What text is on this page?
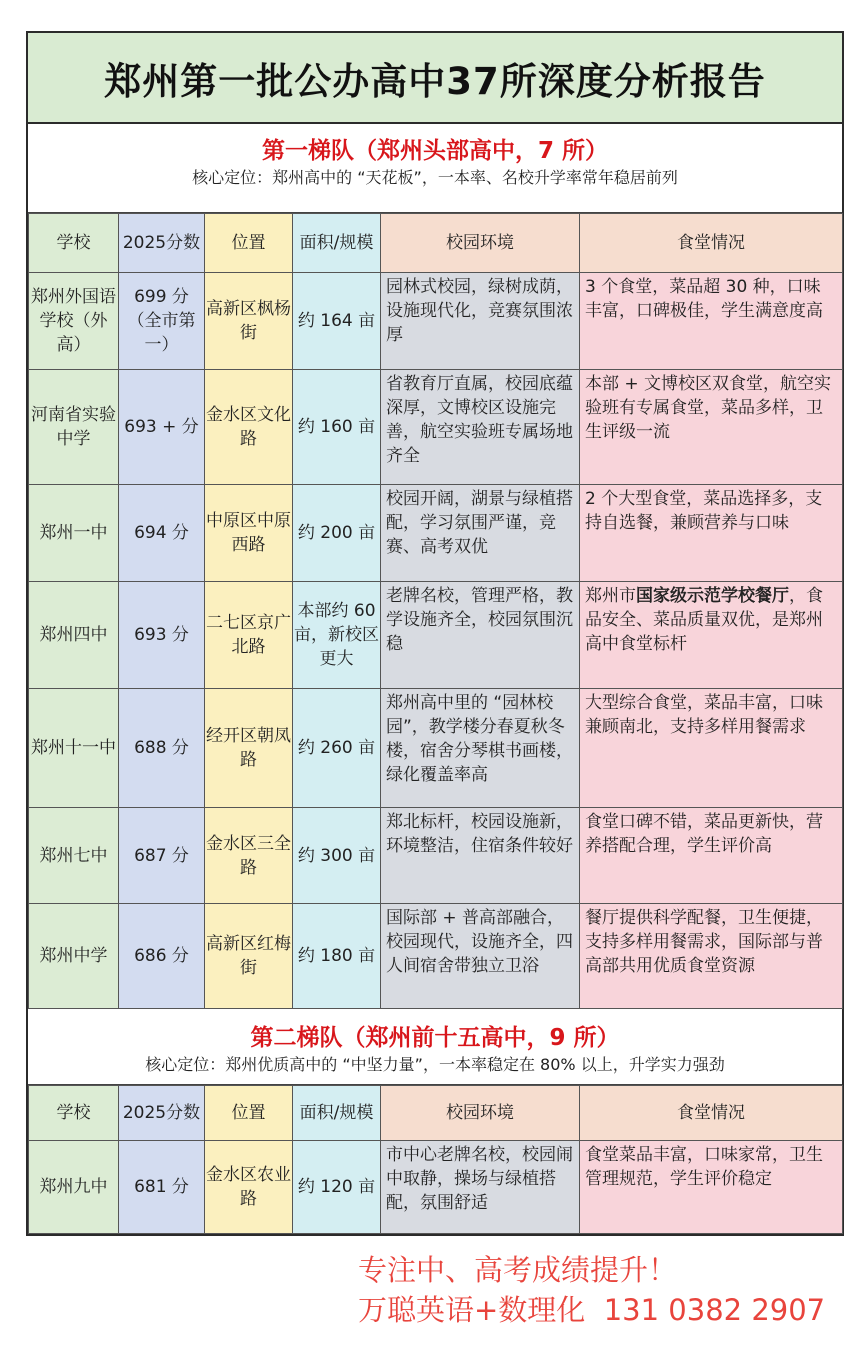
郑州第一批公办高中37所深度分析报告
第一梯队（郑州头部高中，7 所）
核心定位：郑州高中的 “天花板”，一本率、名校升学率常年稳居前列
学校	2025分数	位置	面积/规模	校园环境	食堂情况
郑州外国语学校（外高）	699 分（全市第一）	高新区枫杨街	约 164 亩	园林式校园，绿树成荫，设施现代化，竞赛氛围浓厚	3 个食堂，菜品超 30 种，口味丰富，口碑极佳，学生满意度高
河南省实验中学	693 + 分	金水区文化路	约 160 亩	省教育厅直属，校园底蕴深厚，文博校区设施完善，航空实验班专属场地齐全	本部 + 文博校区双食堂，航空实验班有专属食堂，菜品多样，卫生评级一流
郑州一中	694 分	中原区中原西路	约 200 亩	校园开阔，湖景与绿植搭配，学习氛围严谨，竞赛、高考双优	2 个大型食堂，菜品选择多，支持自选餐，兼顾营养与口味
郑州四中	693 分	二七区京广北路	本部约 60 亩，新校区更大	老牌名校，管理严格，教学设施齐全，校园氛围沉稳	郑州市国家级示范学校餐厅，食品安全、菜品质量双优，是郑州高中食堂标杆
郑州十一中	688 分	经开区朝凤路	约 260 亩	郑州高中里的 “园林校园”，教学楼分春夏秋冬楼，宿舍分琴棋书画楼，绿化覆盖率高	大型综合食堂，菜品丰富，口味兼顾南北，支持多样用餐需求
郑州七中	687 分	金水区三全路	约 300 亩	郑北标杆，校园设施新，环境整洁，住宿条件较好	食堂口碑不错，菜品更新快，营养搭配合理，学生评价高
郑州中学	686 分	高新区红梅街	约 180 亩	国际部 + 普高部融合，校园现代，设施齐全，四人间宿舍带独立卫浴	餐厅提供科学配餐，卫生便捷，支持多样用餐需求，国际部与普高部共用优质食堂资源
第二梯队（郑州前十五高中，9 所）
核心定位：郑州优质高中的 “中坚力量”，一本率稳定在 80% 以上，升学实力强劲
学校	2025分数	位置	面积/规模	校园环境	食堂情况
郑州九中	681 分	金水区农业路	约 120 亩	市中心老牌名校，校园闹中取静，操场与绿植搭配，氛围舒适	食堂菜品丰富，口味家常，卫生管理规范，学生评价稳定
专注中、高考成绩提升！
万聪英语+数理化  131 0382 2907
